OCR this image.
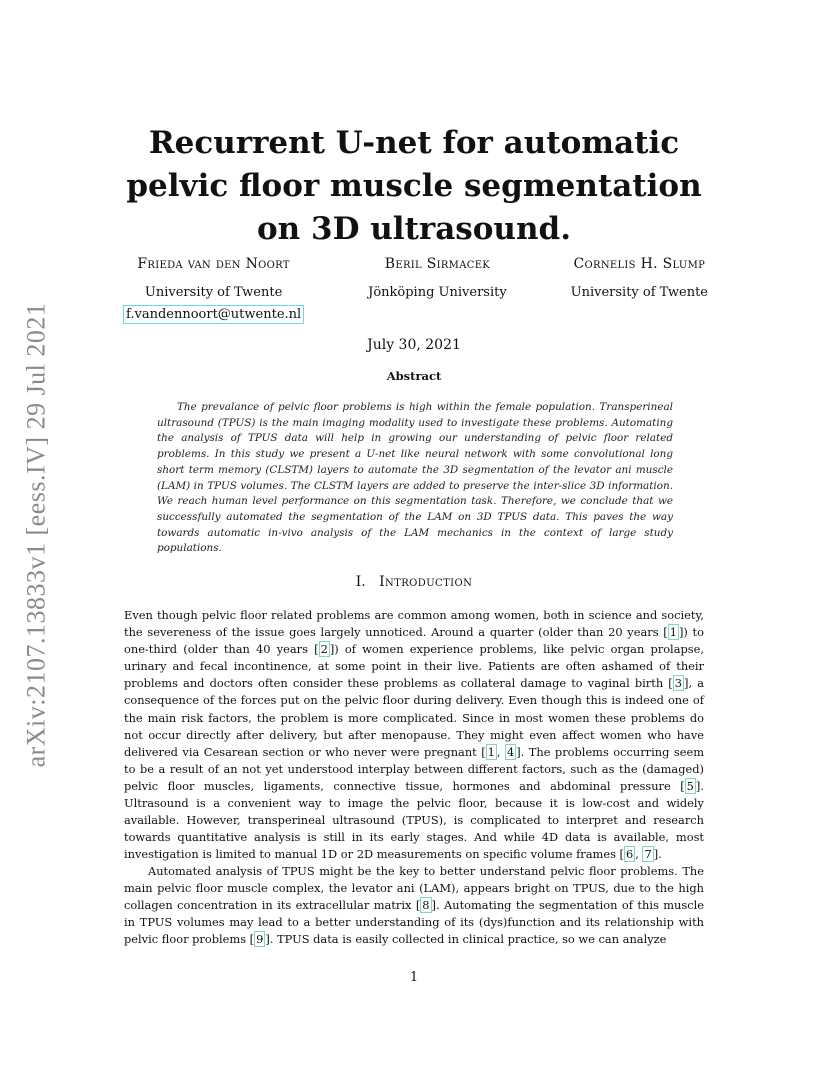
arXiv:2107.13833v1 [eess.IV] 29 Jul 2021
Recurrent U-net for automatic pelvic floor muscle segmentation on 3D ultrasound.
Frieda van den Noort
University of Twente
f.vandennoort@utwente.nl
Beril Sirmacek
Jönköping University
Cornelis H. Slump
University of Twente
July 30, 2021
Abstract

The prevalance of pelvic floor problems is high within the female population. Transperineal ultrasound (TPUS) is the main imaging modality used to investigate these problems. Automating the analysis of TPUS data will help in growing our understanding of pelvic floor related problems. In this study we present a U-net like neural network with some convolutional long short term memory (CLSTM) layers to automate the 3D segmentation of the levator ani muscle (LAM) in TPUS volumes. The CLSTM layers are added to preserve the inter-slice 3D information. We reach human level performance on this segmentation task. Therefore, we conclude that we successfully automated the segmentation of the LAM on 3D TPUS data. This paves the way towards automatic in-vivo analysis of the LAM mechanics in the context of large study populations.

I. Introduction

Even though pelvic floor related problems are common among women, both in science and society, the severeness of the issue goes largely unnoticed. Around a quarter (older than 20 years [ 1 ]) to one-third (older than 40 years [ 2 ]) of women experience problems, like pelvic organ prolapse, urinary and fecal incontinence, at some point in their live. Patients are often ashamed of their problems and doctors often consider these problems as collateral damage to vaginal birth [ 3 ], a consequence of the forces put on the pelvic floor during delivery. Even though this is indeed one of the main risk factors, the problem is more complicated. Since in most women these problems do not occur directly after delivery, but after menopause. They might even affect women who have delivered via Cesarean section or who never were pregnant [ 1 , 4 ]. The problems occurring seem to be a result of an not yet understood interplay between different factors, such as the (damaged) pelvic floor muscles, ligaments, connective tissue, hormones and abdominal pressure [ 5 ]. Ultrasound is a convenient way to image the pelvic floor, because it is low-cost and widely available. However, transperineal ultrasound (TPUS), is complicated to interpret and research towards quantitative analysis is still in its early stages. And while 4D data is available, most investigation is limited to manual 1D or 2D measurements on specific volume frames [ 6 , 7 ].

Automated analysis of TPUS might be the key to better understand pelvic floor problems. The main pelvic floor muscle complex, the levator ani (LAM), appears bright on TPUS, due to the high collagen concentration in its extracellular matrix [ 8 ]. Automating the segmentation of this muscle in TPUS volumes may lead to a better understanding of its (dys)function and its relationship with pelvic floor problems [ 9 ]. TPUS data is easily collected in clinical practice, so we can analyze

1
